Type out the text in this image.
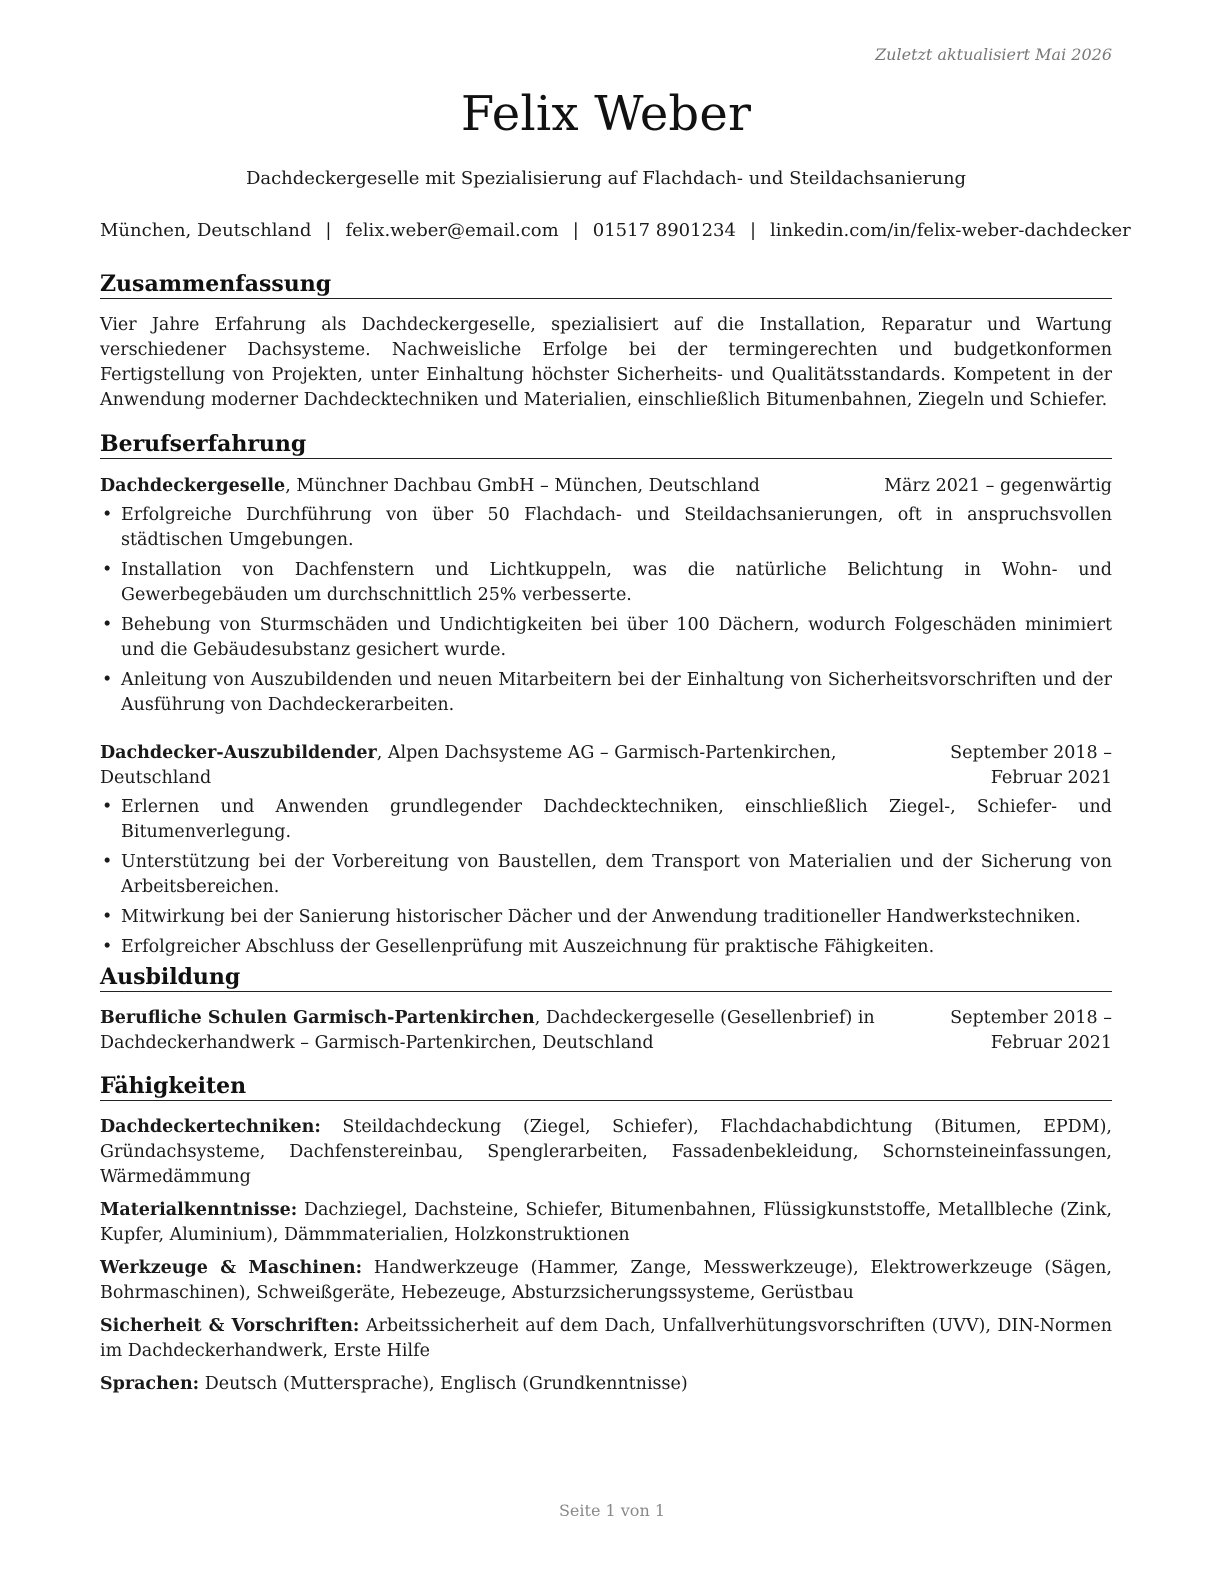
Zuletzt aktualisiert Mai 2026
Felix Weber
Dachdeckergeselle mit Spezialisierung auf Flachdach- und Steildachsanierung
München, Deutschland | felix.weber@email.com | 01517 8901234 | linkedin.com/in/felix-weber-dachdecker
Zusammenfassung

Vier Jahre Erfahrung als Dachdeckergeselle, spezialisiert auf die Installation, Reparatur und Wartung verschiedener Dachsysteme. Nachweisliche Erfolge bei der termingerechten und budgetkonformen Fertigstellung von Projekten, unter Einhaltung höchster Sicherheits- und Qualitätsstandards. Kompetent in der Anwendung moderner Dachdecktechniken und Materialien, einschließlich Bitumenbahnen, Ziegeln und Schiefer.

Berufserfahrung
Dachdeckergeselle, Münchner Dachbau GmbH – München, Deutschland	März 2021 – gegenwärtig
• Erfolgreiche Durchführung von über 50 Flachdach- und Steildachsanierungen, oft in anspruchsvollen städtischen Umgebungen.
• Installation von Dachfenstern und Lichtkuppeln, was die natürliche Belichtung in Wohn- und Gewerbegebäuden um durchschnittlich 25% verbesserte.
• Behebung von Sturmschäden und Undichtigkeiten bei über 100 Dächern, wodurch Folgeschäden minimiert und die Gebäudesubstanz gesichert wurde.
• Anleitung von Auszubildenden und neuen Mitarbeitern bei der Einhaltung von Sicherheitsvorschriften und der Ausführung von Dachdeckerarbeiten.
Dachdecker-Auszubildender, Alpen Dachsysteme AG – Garmisch-Partenkirchen, Deutschland
September 2018 – Februar 2021
• Erlernen und Anwenden grundlegender Dachdecktechniken, einschließlich Ziegel-, Schiefer- und Bitumenverlegung.
• Unterstützung bei der Vorbereitung von Baustellen, dem Transport von Materialien und der Sicherung von Arbeitsbereichen.
• Mitwirkung bei der Sanierung historischer Dächer und der Anwendung traditioneller Handwerkstechniken.
• Erfolgreicher Abschluss der Gesellenprüfung mit Auszeichnung für praktische Fähigkeiten.
Ausbildung
Berufliche Schulen Garmisch-Partenkirchen, Dachdeckergeselle (Gesellenbrief) in Dachdeckerhandwerk – Garmisch-Partenkirchen, Deutschland
September 2018 – Februar 2021
Fähigkeiten
Dachdeckertechniken: Steildachdeckung (Ziegel, Schiefer), Flachdachabdichtung (Bitumen, EPDM), Gründachsysteme, Dachfenstereinbau, Spenglerarbeiten, Fassadenbekleidung, Schornsteineinfassungen, Wärmedämmung
Materialkenntnisse: Dachziegel, Dachsteine, Schiefer, Bitumenbahnen, Flüssigkunststoffe, Metallbleche (Zink, Kupfer, Aluminium), Dämmmaterialien, Holzkonstruktionen
Werkzeuge & Maschinen: Handwerkzeuge (Hammer, Zange, Messwerkzeuge), Elektrowerkzeuge (Sägen, Bohrmaschinen), Schweißgeräte, Hebezeuge, Absturzsicherungssysteme, Gerüstbau
Sicherheit & Vorschriften: Arbeitssicherheit auf dem Dach, Unfallverhütungsvorschriften (UVV), DIN-Normen im Dachdeckerhandwerk, Erste Hilfe
Sprachen: Deutsch (Muttersprache), Englisch (Grundkenntnisse)
Seite 1 von 1
